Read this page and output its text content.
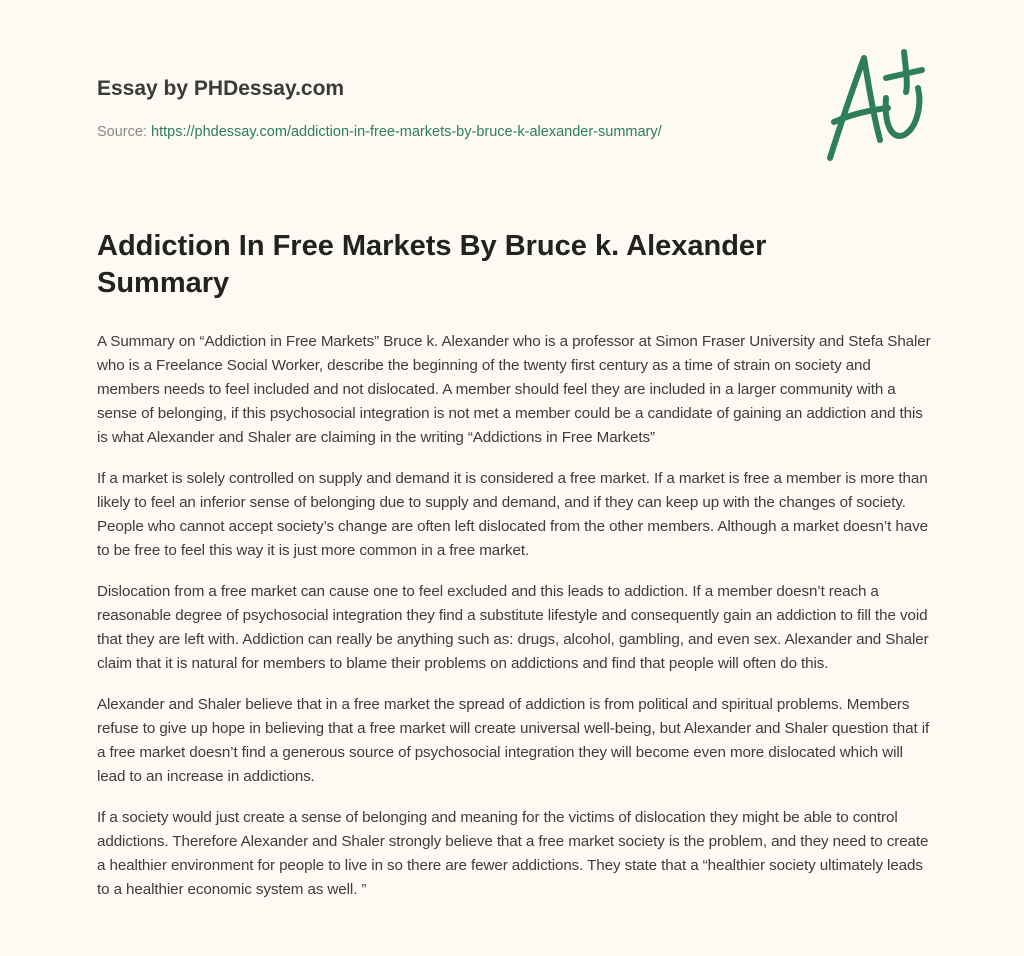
Essay by PHDessay.com
Source: https://phdessay.com/addiction-in-free-markets-by-bruce-k-alexander-summary/
Addiction In Free Markets By Bruce k. Alexander Summary

A Summary on “Addiction in Free Markets” Bruce k. Alexander who is a professor at Simon Fraser University and Stefa Shaler who is a Freelance Social Worker, describe the beginning of the twenty first century as a time of strain on society and members needs to feel included and not dislocated. A member should feel they are included in a larger community with a sense of belonging, if this psychosocial integration is not met a member could be a candidate of gaining an addiction and this is what Alexander and Shaler are claiming in the writing “Addictions in Free Markets”

If a market is solely controlled on supply and demand it is considered a free market. If a market is free a member is more than likely to feel an inferior sense of belonging due to supply and demand, and if they can keep up with the changes of society. People who cannot accept society’s change are often left dislocated from the other members. Although a market doesn’t have to be free to feel this way it is just more common in a free market.

Dislocation from a free market can cause one to feel excluded and this leads to addiction. If a member doesn’t reach a reasonable degree of psychosocial integration they find a substitute lifestyle and consequently gain an addiction to fill the void that they are left with. Addiction can really be anything such as: drugs, alcohol, gambling, and even sex. Alexander and Shaler claim that it is natural for members to blame their problems on addictions and find that people will often do this.

Alexander and Shaler believe that in a free market the spread of addiction is from political and spiritual problems. Members refuse to give up hope in believing that a free market will create universal well-being, but Alexander and Shaler question that if a free market doesn’t find a generous source of psychosocial integration they will become even more dislocated which will lead to an increase in addictions.

If a society would just create a sense of belonging and meaning for the victims of dislocation they might be able to control addictions. Therefore Alexander and Shaler strongly believe that a free market society is the problem, and they need to create a healthier environment for people to live in so there are fewer addictions. They state that a “healthier society ultimately leads to a healthier economic system as well. ”
